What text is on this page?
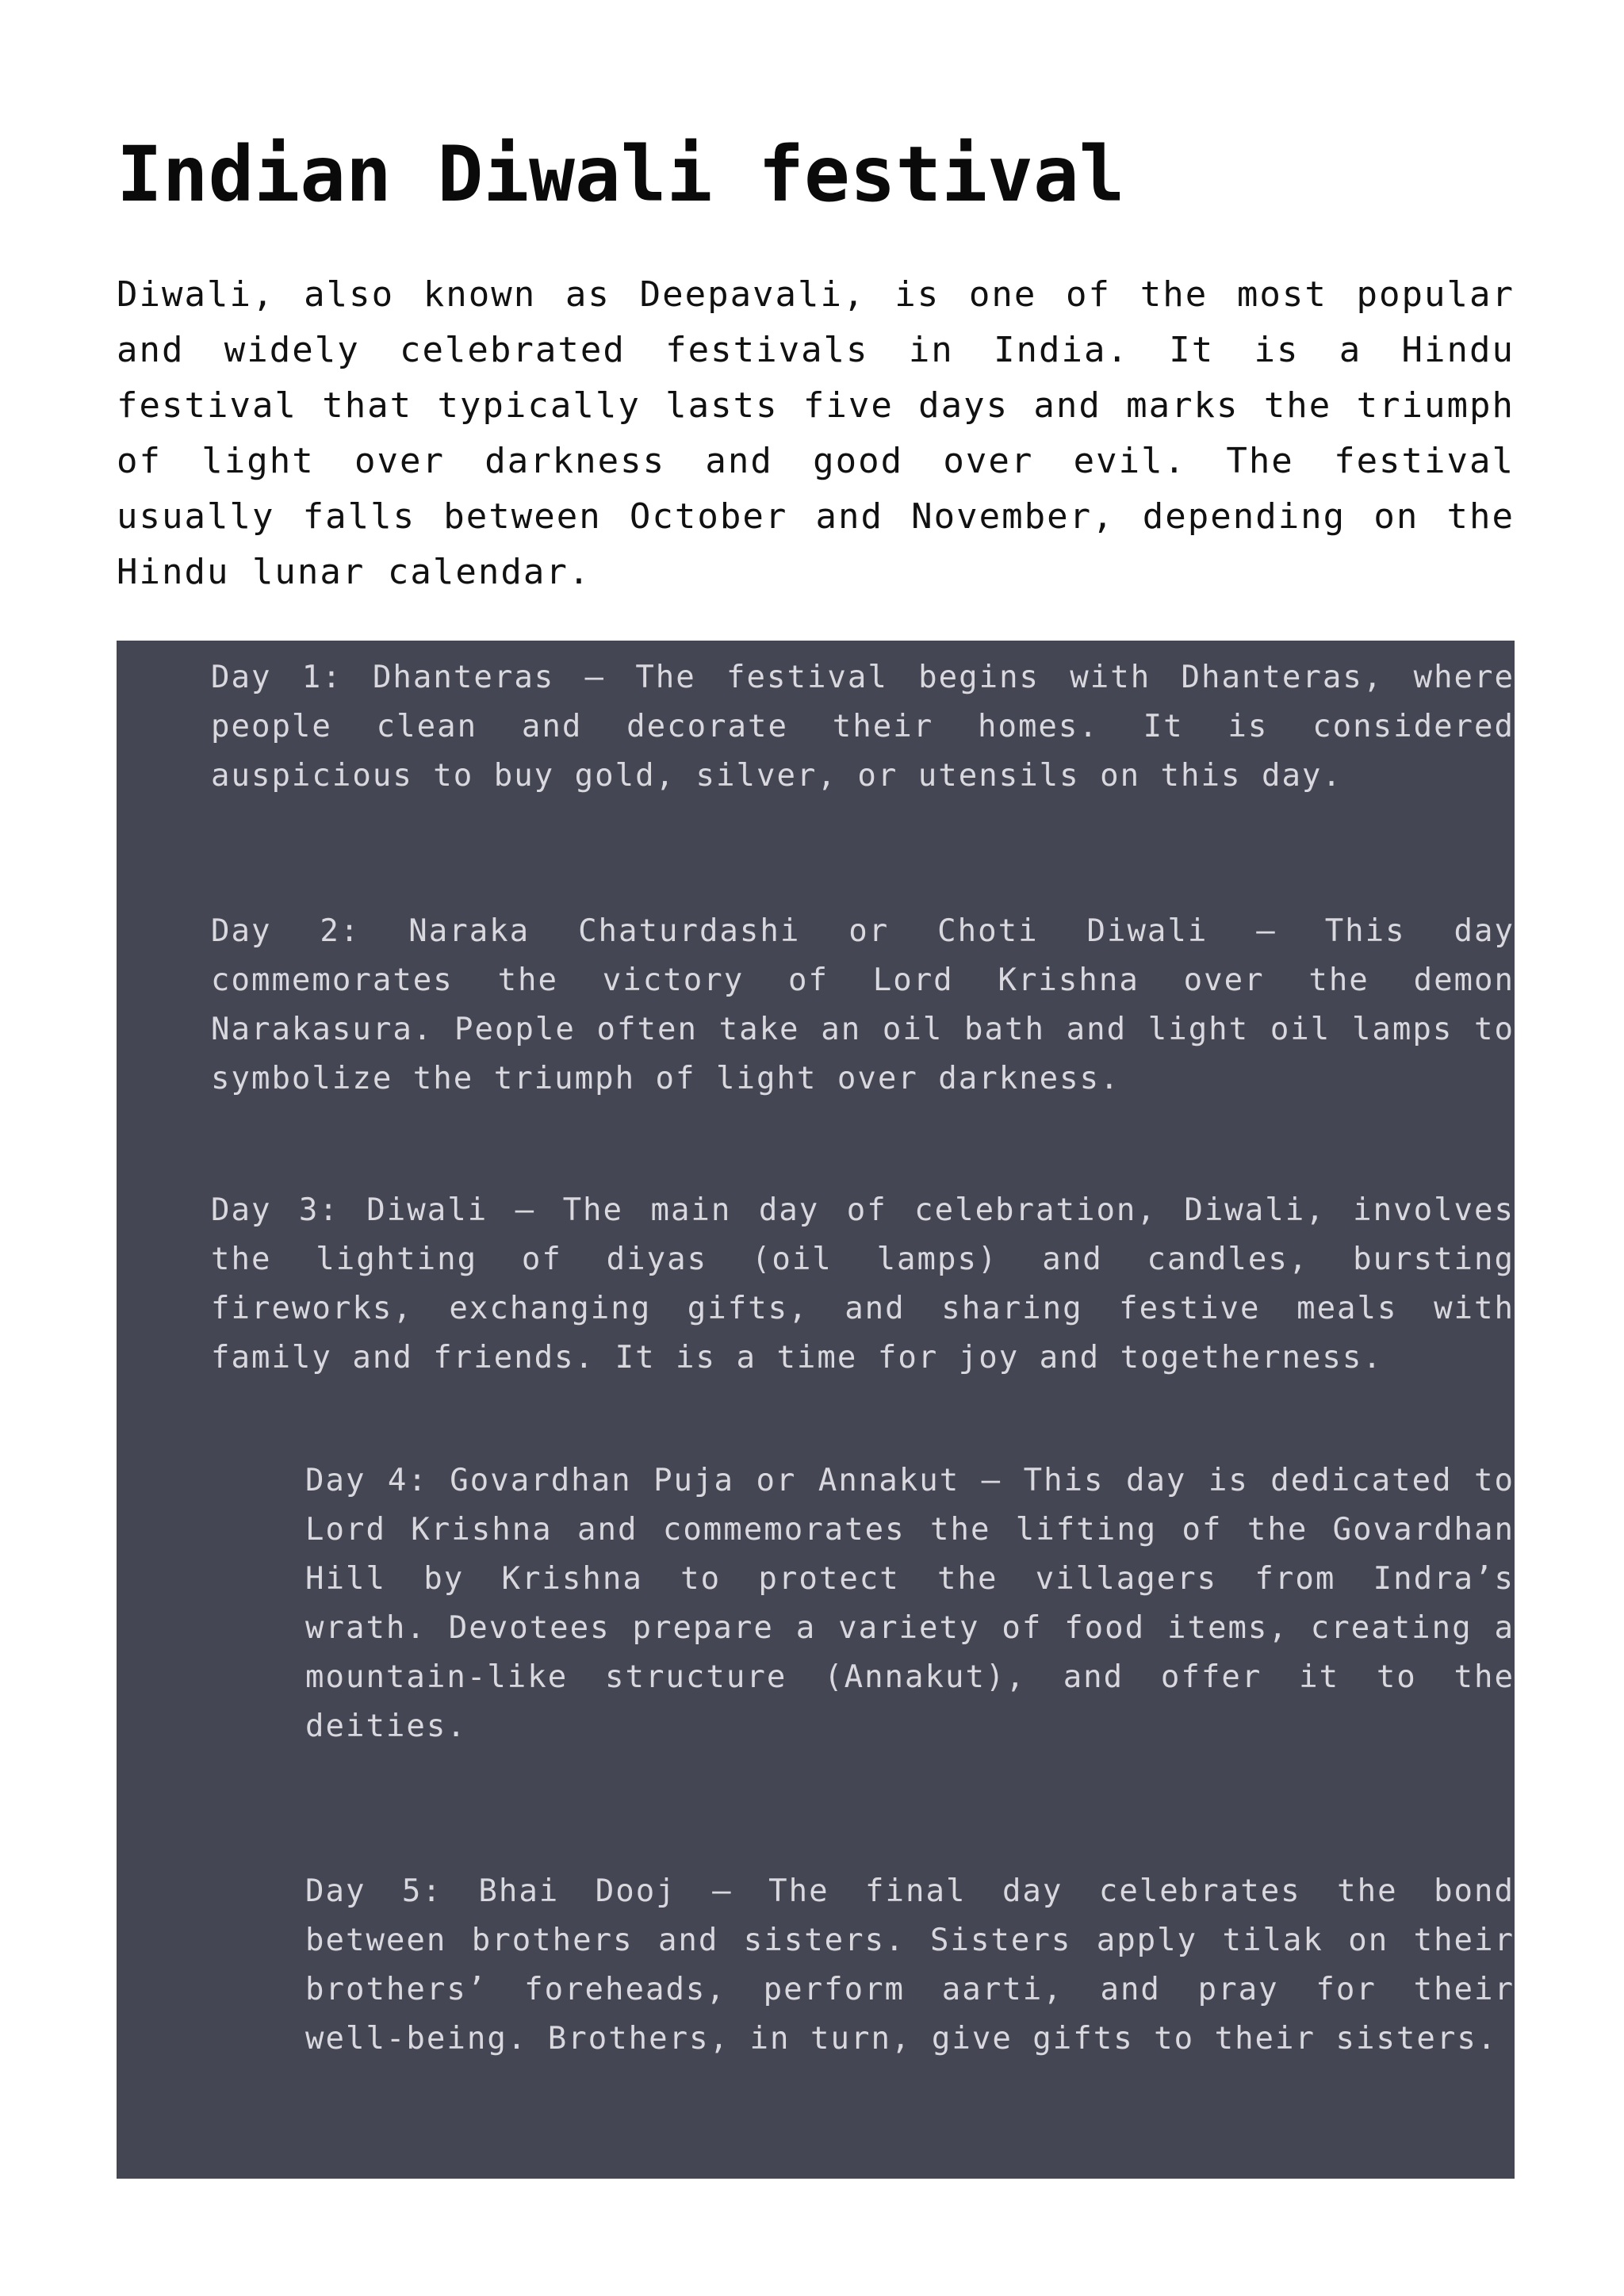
Indian Diwali festival

Diwali, also known as Deepavali, is one of the most popular and widely celebrated festivals in India. It is a Hindu festival that typically lasts five days and marks the triumph of light over darkness and good over evil. The festival usually falls between October and November, depending on the Hindu lunar calendar.

Day 1: Dhanteras – The festival begins with Dhanteras, where people clean and decorate their homes. It is considered auspicious to buy gold, silver, or utensils on this day.

Day 2: Naraka Chaturdashi or Choti Diwali – This day commemorates the victory of Lord Krishna over the demon Narakasura. People often take an oil bath and light oil lamps to symbolize the triumph of light over darkness.

Day 3: Diwali – The main day of celebration, Diwali, involves the lighting of diyas (oil lamps) and candles, bursting fireworks, exchanging gifts, and sharing festive meals with family and friends. It is a time for joy and togetherness.

Day 4: Govardhan Puja or Annakut – This day is dedicated to Lord Krishna and commemorates the lifting of the Govardhan Hill by Krishna to protect the villagers from Indra’s wrath. Devotees prepare a variety of food items, creating a mountain-like structure (Annakut), and offer it to the deities.

Day 5: Bhai Dooj – The final day celebrates the bond between brothers and sisters. Sisters apply tilak on their brothers’ foreheads, perform aarti, and pray for their well-being. Brothers, in turn, give gifts to their sisters.
